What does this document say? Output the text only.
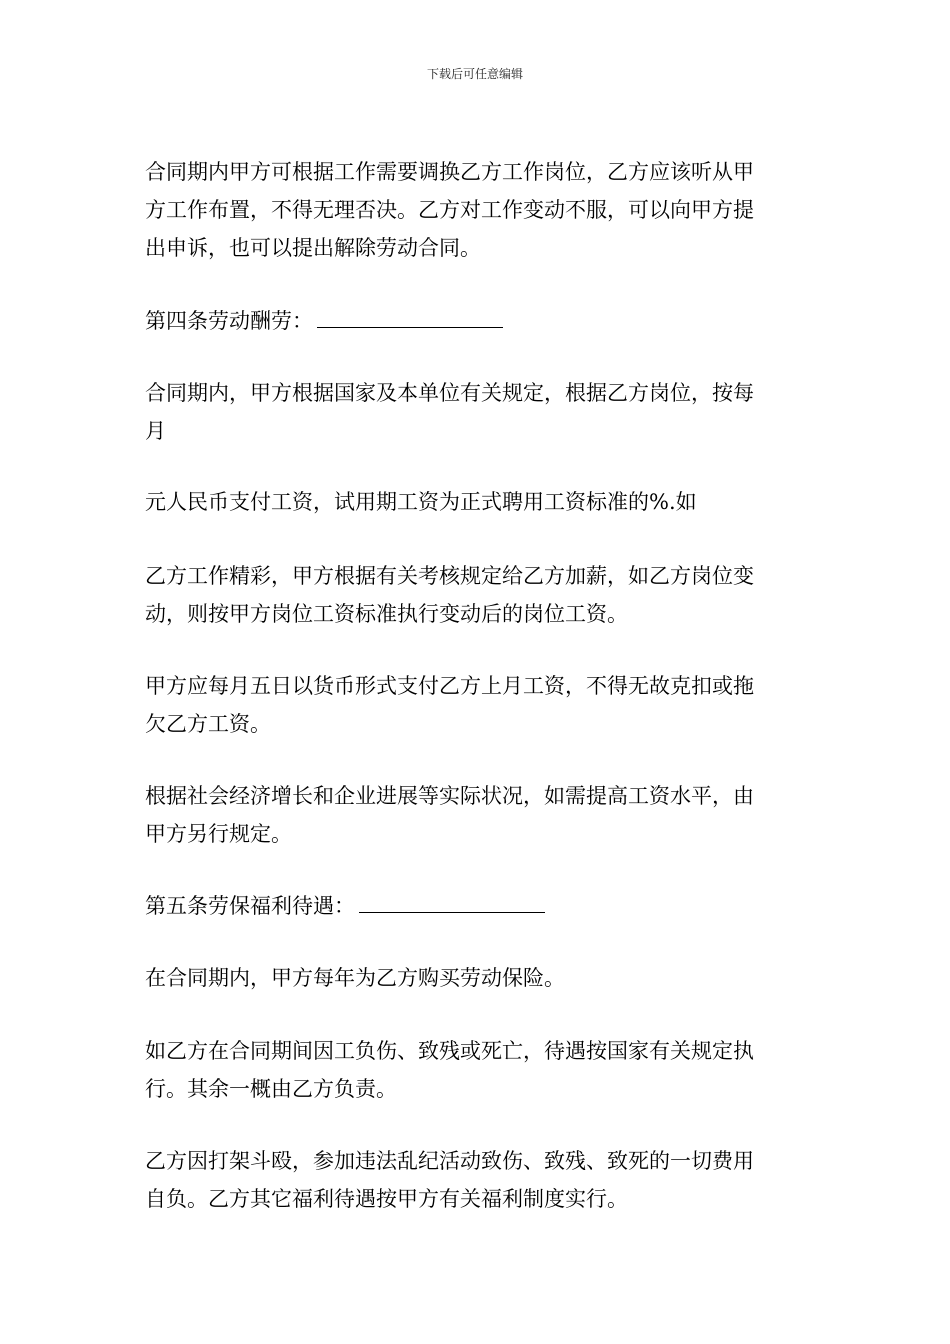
下载后可任意编辑
合同期内甲方可根据工作需要调换乙方工作岗位，乙方应该听从甲
方工作布置，不得无理否决。乙方对工作变动不服，可以向甲方提
出申诉，也可以提出解除劳动合同。
第四条劳动酬劳：
合同期内，甲方根据国家及本单位有关规定，根据乙方岗位，按每
月
元人民币支付工资，试用期工资为正式聘用工资标准的%.如
乙方工作精彩，甲方根据有关考核规定给乙方加薪，如乙方岗位变
动，则按甲方岗位工资标准执行变动后的岗位工资。
甲方应每月五日以货币形式支付乙方上月工资，不得无故克扣或拖
欠乙方工资。
根据社会经济增长和企业进展等实际状况，如需提高工资水平，由
甲方另行规定。
第五条劳保福利待遇：
在合同期内，甲方每年为乙方购买劳动保险。
如乙方在合同期间因工负伤、致残或死亡，待遇按国家有关规定执
行。其余一概由乙方负责。
乙方因打架斗殴，参加违法乱纪活动致伤、致残、致死的一切费用
自负。乙方其它福利待遇按甲方有关福利制度实行。
